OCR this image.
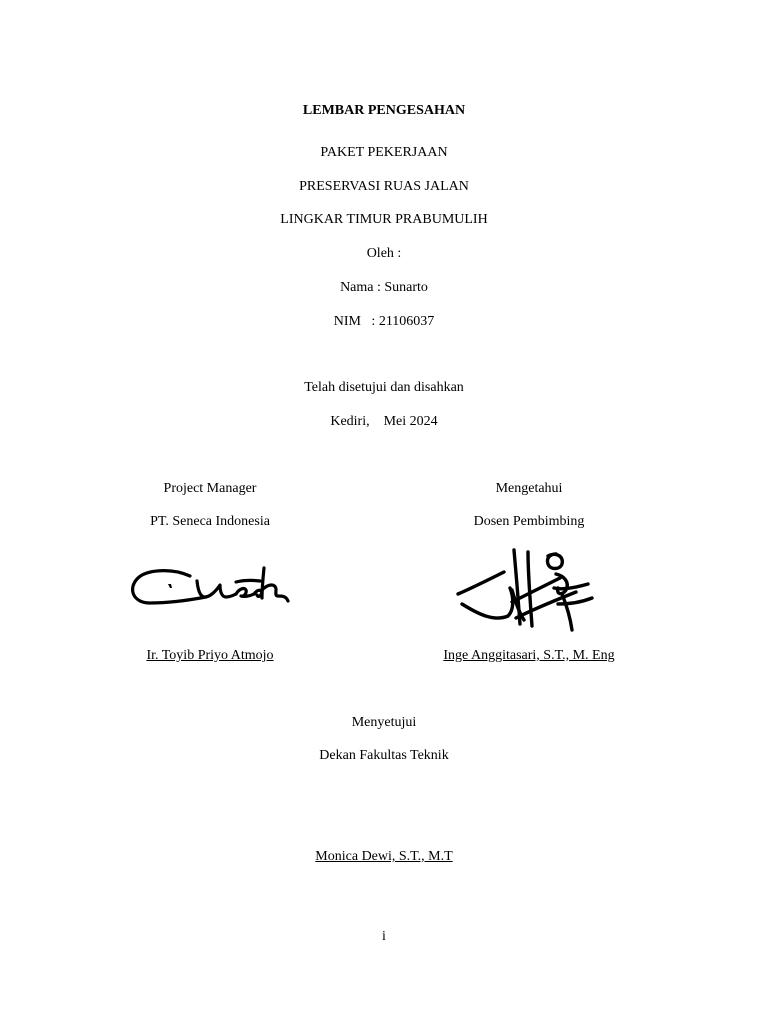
LEMBAR PENGESAHAN
PAKET PEKERJAAN
PRESERVASI RUAS JALAN
LINGKAR TIMUR PRABUMULIH
Oleh :
Nama : Sunarto
NIM   : 21106037
Telah disetujui dan disahkan
Kediri,    Mei 2024
Project Manager
PT. Seneca Indonesia
Mengetahui
Dosen Pembimbing
Ir. Toyib Priyo Atmojo	Inge Anggitasari, S.T., M. Eng
Menyetujui
Dekan Fakultas Teknik
Monica Dewi, S.T., M.T
i
